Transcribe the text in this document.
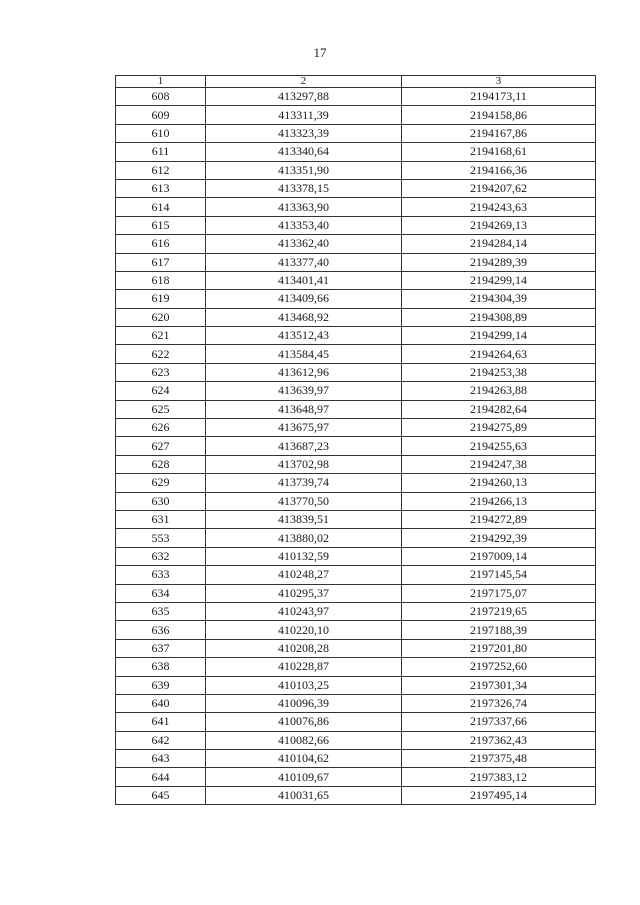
17
1	2	3
608	413297,88	2194173,11
609	413311,39	2194158,86
610	413323,39	2194167,86
611	413340,64	2194168,61
612	413351,90	2194166,36
613	413378,15	2194207,62
614	413363,90	2194243,63
615	413353,40	2194269,13
616	413362,40	2194284,14
617	413377,40	2194289,39
618	413401,41	2194299,14
619	413409,66	2194304,39
620	413468,92	2194308,89
621	413512,43	2194299,14
622	413584,45	2194264,63
623	413612,96	2194253,38
624	413639,97	2194263,88
625	413648,97	2194282,64
626	413675,97	2194275,89
627	413687,23	2194255,63
628	413702,98	2194247,38
629	413739,74	2194260,13
630	413770,50	2194266,13
631	413839,51	2194272,89
553	413880,02	2194292,39
632	410132,59	2197009,14
633	410248,27	2197145,54
634	410295,37	2197175,07
635	410243,97	2197219,65
636	410220,10	2197188,39
637	410208,28	2197201,80
638	410228,87	2197252,60
639	410103,25	2197301,34
640	410096,39	2197326,74
641	410076,86	2197337,66
642	410082,66	2197362,43
643	410104,62	2197375,48
644	410109,67	2197383,12
645	410031,65	2197495,14
